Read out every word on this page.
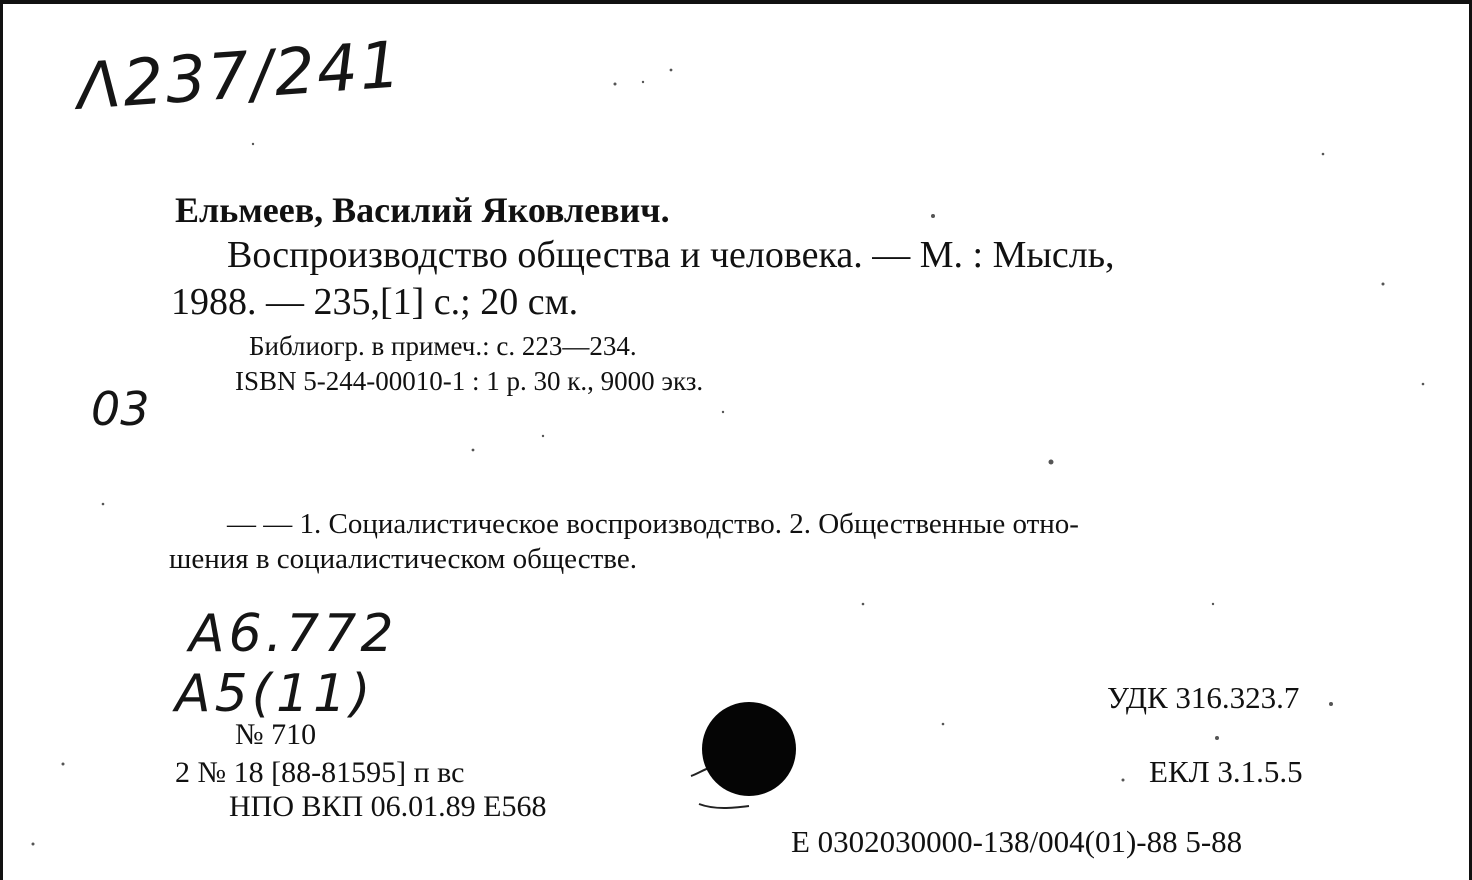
Λ237/241
03
Ельмеев, Василий Яковлевич.
Воспроизводство общества и человека. — М. : Мысль,
1988. — 235,[1] с.; 20 см.
Библиогр. в примеч.: с. 223—234.
ISBN 5-244-00010-1 : 1 р. 30 к., 9000 экз.
— — 1. Социалистическое воспроизводство. 2. Общественные отно-
шения в социалистическом обществе.
A6.772
A5(11)
№ 710
2 № 18 [88-81595] п вс
НПО ВКП 06.01.89 Е568
УДК 316.323.7
ЕКЛ 3.1.5.5
Е 0302030000-138/004(01)-88 5-88
